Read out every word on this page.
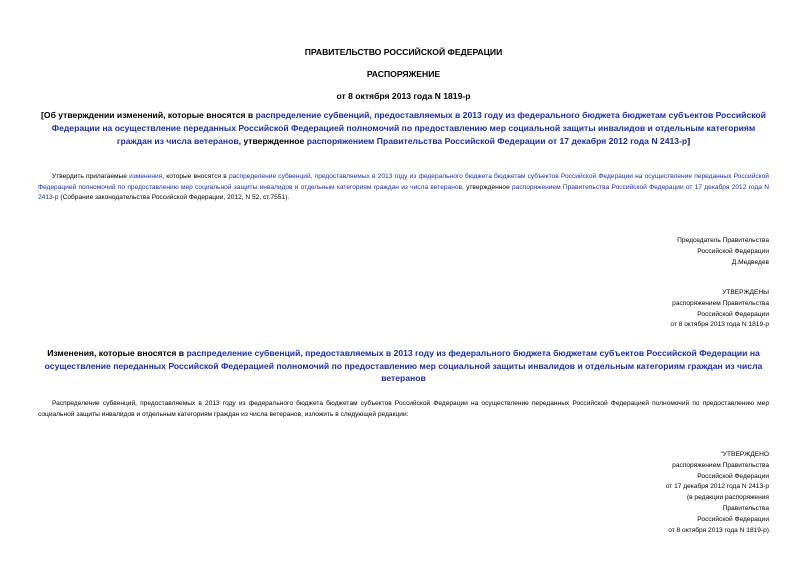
ПРАВИТЕЛЬСТВО РОССИЙСКОЙ ФЕДЕРАЦИИ
РАСПОРЯЖЕНИЕ
от 8 октября 2013 года N 1819-р
[Об утверждении изменений, которые вносятся в распределение субвенций, предоставляемых в 2013 году из федерального бюджета бюджетам субъектов Российской Федерации на осуществление переданных Российской Федерацией полномочий по предоставлению мер социальной защиты инвалидов и отдельным категориям граждан из числа ветеранов, утвержденное распоряжением Правительства Российской Федерации от 17 декабря 2012 года N 2413-р]
Утвердить прилагаемые изменения, которые вносятся в распределение субвенций, предоставляемых в 2013 году из федерального бюджета бюджетам субъектов Российской Федерации на осуществление переданных Российской Федерацией полномочий по предоставлению мер социальной защиты инвалидов и отдельным категориям граждан из числа ветеранов, утвержденное распоряжением Правительства Российской Федерации от 17 декабря 2012 года N 2413-р (Собрание законодательства Российской Федерации, 2012, N 52, ст.7551).
Председатель Правительства
Российской Федерации
Д.Медведев
УТВЕРЖДЕНЫ
распоряжением Правительства
Российской Федерации
от 8 октября 2013 года N 1819-р
Изменения, которые вносятся в распределение субвенций, предоставляемых в 2013 году из федерального бюджета бюджетам субъектов Российской Федерации на осуществление переданных Российской Федерацией полномочий по предоставлению мер социальной защиты инвалидов и отдельным категориям граждан из числа ветеранов
Распределение субвенций, предоставляемых в 2013 году из федерального бюджета бюджетам субъектов Российской Федерации на осуществление переданных Российской Федерацией полномочий по предоставлению мер социальной защиты инвалидов и отдельным категориям граждан из числа ветеранов, изложить в следующей редакции:
"УТВЕРЖДЕНО
распоряжением Правительства
Российской Федерации
от 17 декабря 2012 года N 2413-р
(в редакции распоряжения
Правительства
Российской Федерации
от 8 октября 2013 года N 1819-р)
